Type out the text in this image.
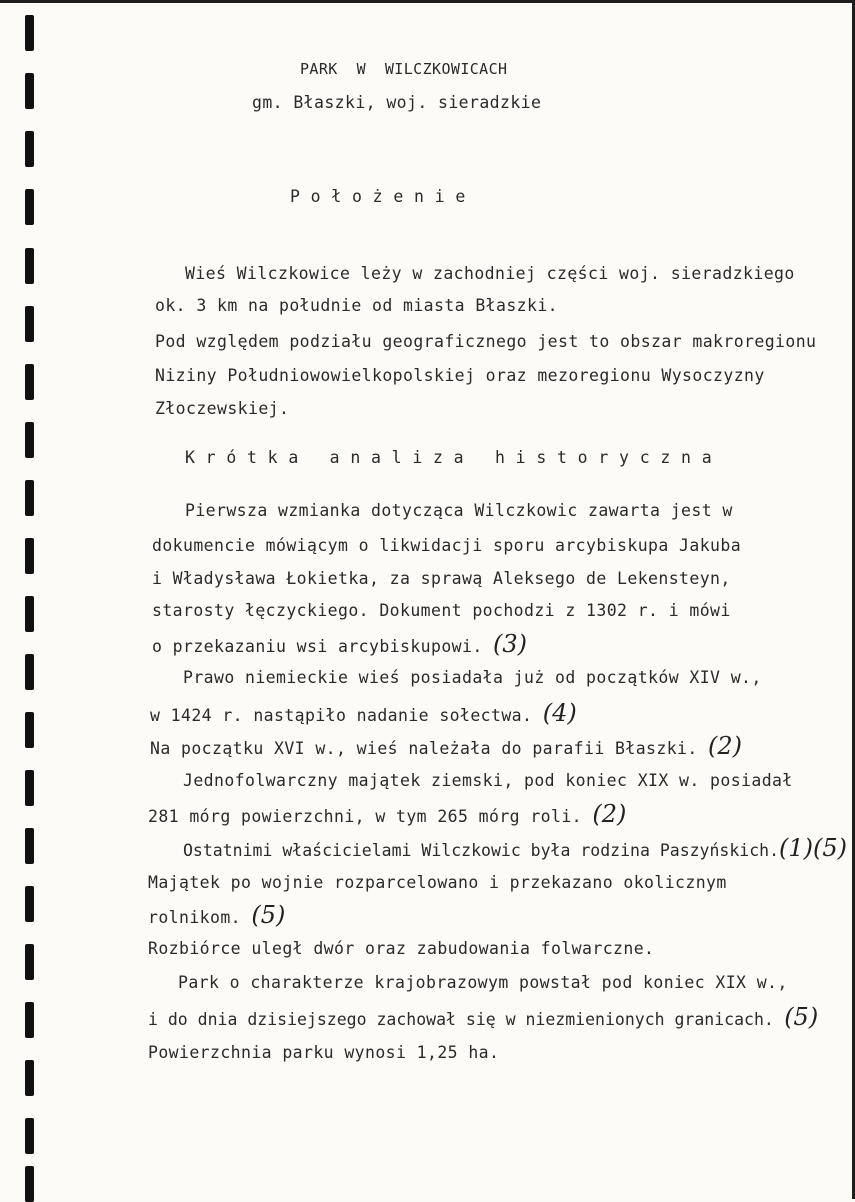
PARK  W  WILCZKOWICACH
gm. Błaszki, woj. sieradzkie
P o ł o ż e n i e
Wieś Wilczkowice leży w zachodniej części woj. sieradzkiego
ok. 3 km na południe od miasta Błaszki.
Pod względem podziału geograficznego jest to obszar makroregionu
Niziny Południowowielkopolskiej oraz mezoregionu Wysoczyzny
Złoczewskiej.
K r ó t k a   a n a l i z a   h i s t o r y c z n a
Pierwsza wzmianka dotycząca Wilczkowic zawarta jest w
dokumencie mówiącym o likwidacji sporu arcybiskupa Jakuba
i Władysława Łokietka, za sprawą Aleksego de Lekensteyn,
starosty łęczyckiego. Dokument pochodzi z 1302 r. i mówi
o przekazaniu wsi arcybiskupowi. (3)
Prawo niemieckie wieś posiadała już od początków XIV w.,
w 1424 r. nastąpiło nadanie sołectwa. (4)
Na początku XVI w., wieś należała do parafii Błaszki. (2)
Jednofolwarczny majątek ziemski, pod koniec XIX w. posiadał
281 mórg powierzchni, w tym 265 mórg roli. (2)
Ostatnimi właścicielami Wilczkowic była rodzina Paszyńskich.(1)(5)
Majątek po wojnie rozparcelowano i przekazano okolicznym
rolnikom. (5)
Rozbiórce uległ dwór oraz zabudowania folwarczne.
Park o charakterze krajobrazowym powstał pod koniec XIX w.,
i do dnia dzisiejszego zachował się w niezmienionych granicach. (5)
Powierzchnia parku wynosi 1,25 ha.
